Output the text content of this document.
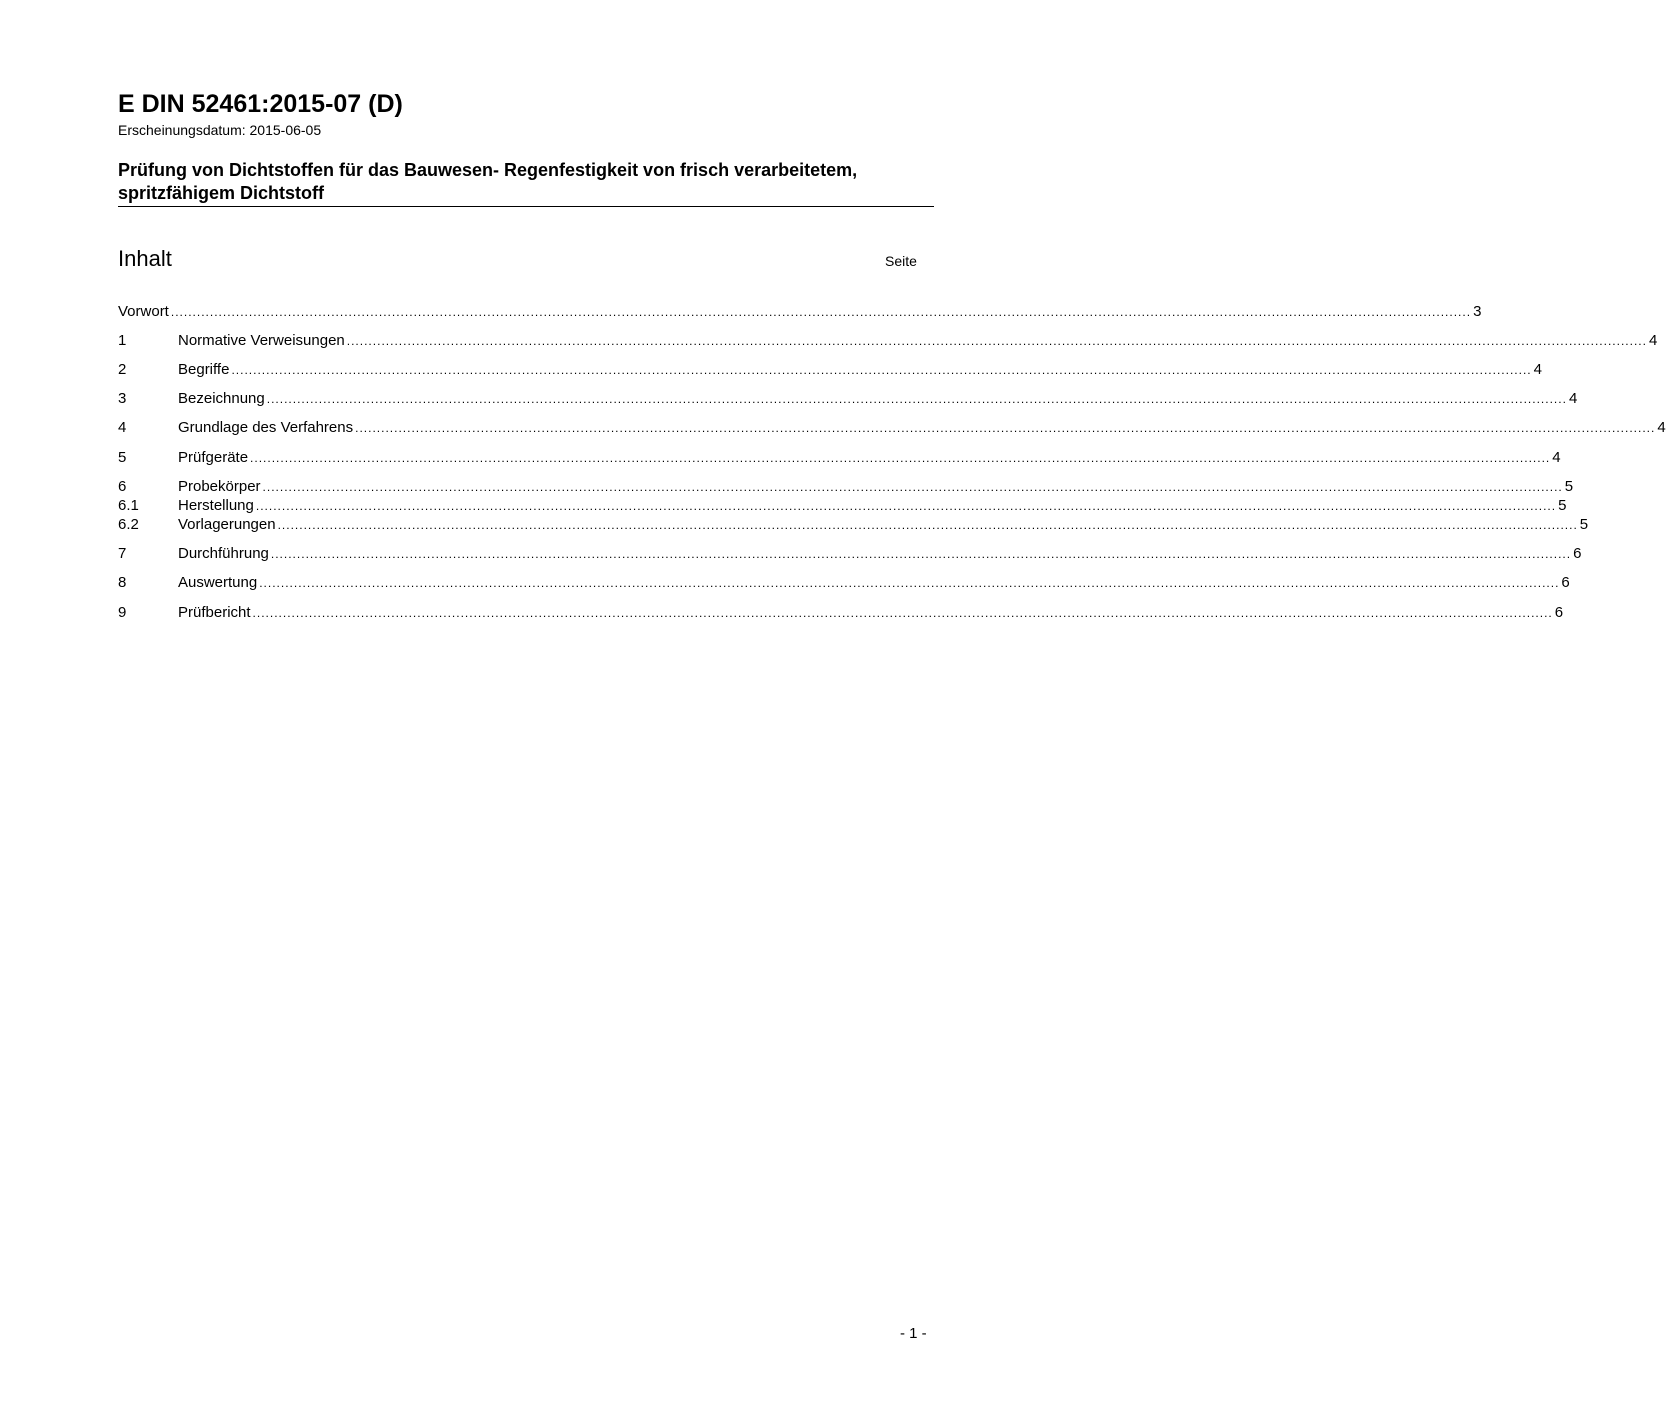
E DIN 52461:2015-07 (D)
Erscheinungsdatum: 2015-06-05
Prüfung von Dichtstoffen für das Bauwesen- Regenfestigkeit von frisch verarbeitetem, spritzfähigem Dichtstoff
Inhalt	Seite
Vorwort ............................................................................................................................................................................................................................................................................................................ 3
1	Normative Verweisungen ............................................................................................................................................................................................................................................................................................................ 4
2	Begriffe ............................................................................................................................................................................................................................................................................................................ 4
3	Bezeichnung ............................................................................................................................................................................................................................................................................................................ 4
4	Grundlage des Verfahrens ............................................................................................................................................................................................................................................................................................................ 4
5	Prüfgeräte ............................................................................................................................................................................................................................................................................................................ 4
6	Probekörper ............................................................................................................................................................................................................................................................................................................ 5
6.1	Herstellung ............................................................................................................................................................................................................................................................................................................ 5
6.2	Vorlagerungen ............................................................................................................................................................................................................................................................................................................ 5
7	Durchführung ............................................................................................................................................................................................................................................................................................................ 6
8	Auswertung ............................................................................................................................................................................................................................................................................................................ 6
9	Prüfbericht ............................................................................................................................................................................................................................................................................................................ 6
- 1 -
